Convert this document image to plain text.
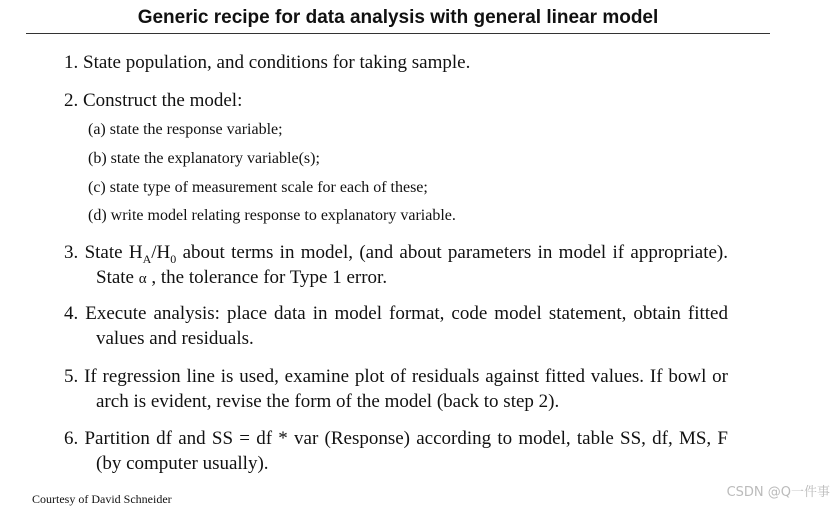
Generic recipe for data analysis with general linear model
1. State population, and conditions for taking sample.
2. Construct the model:
(a) state the response variable;
(b) state the explanatory variable(s);
(c) state type of measurement scale for each of these;
(d) write model relating response to explanatory variable.
3. State $H_A/H_0$ about terms in model, (and about parameters in model if appropriate). State α , the tolerance for Type 1 error.
4. Execute analysis: place data in model format, code model statement, obtain fitted values and residuals.
5. If regression line is used, examine plot of residuals against fitted values. If bowl or arch is evident, revise the form of the model (back to step 2).
6. Partition df and SS = df * var (Response) according to model, table SS, df, MS, F (by computer usually).
Courtesy of David Schneider	CSDN @Q一件事
